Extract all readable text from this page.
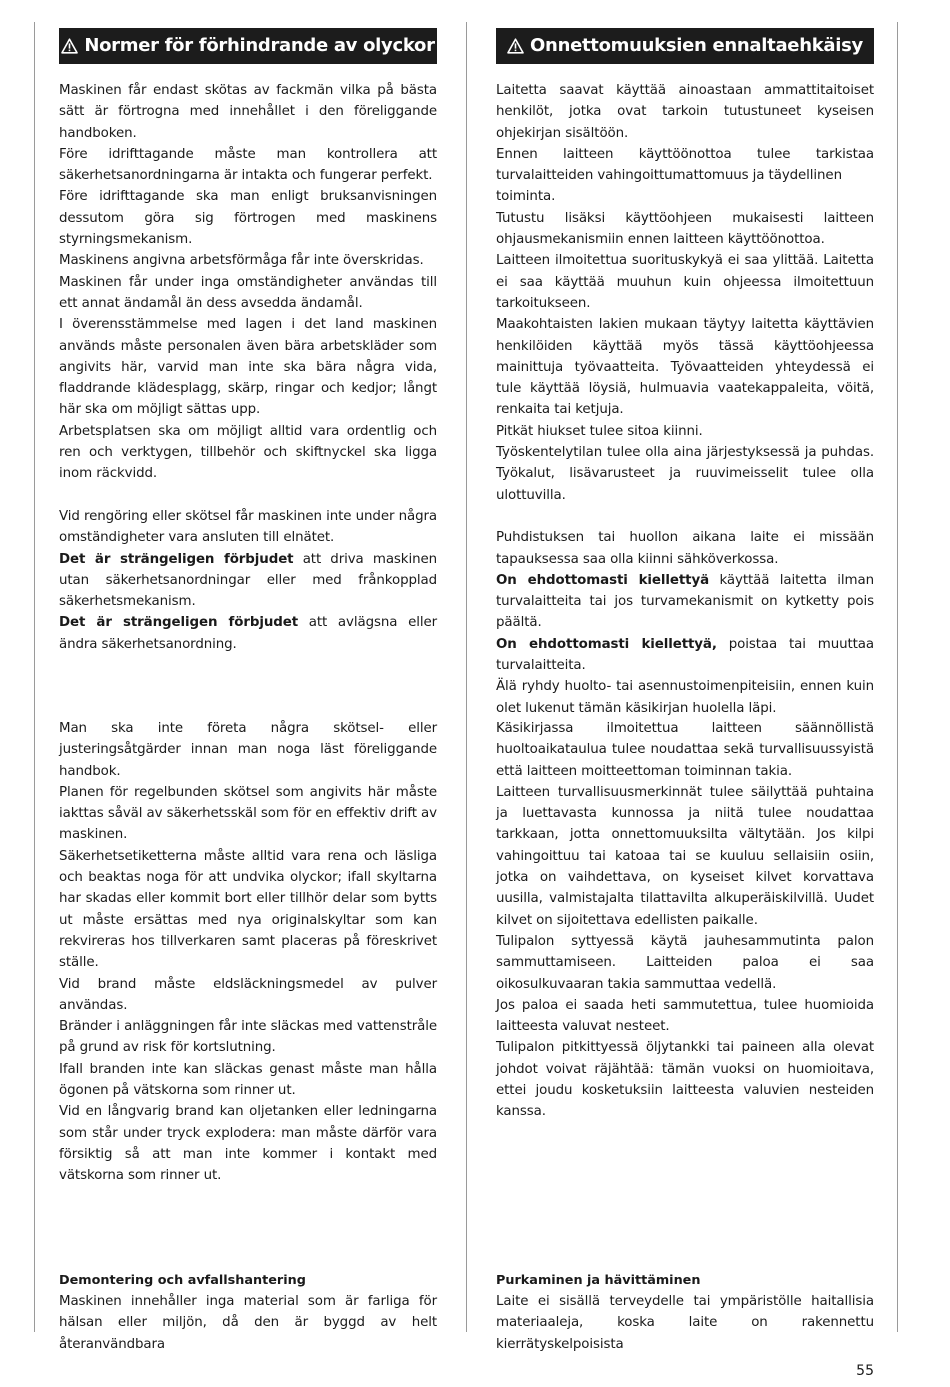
Normer för förhindrande av olyckor	Onnettomuuksien ennaltaehkäisy

Maskinen får endast skötas av fackmän vilka på bästa sätt är förtrogna med innehållet i den föreliggande handboken.

Före idrifttagande måste man kontrollera att säkerhetsanordningarna är intakta och fungerar perfekt.

Före idrifttagande ska man enligt bruksanvisningen dessutom göra sig förtrogen med maskinens styrningsmekanism.

Maskinens angivna arbetsförmåga får inte överskridas.

Maskinen får under inga omständigheter användas till ett annat ändamål än dess avsedda ändamål.

I överensstämmelse med lagen i det land maskinen används måste personalen även bära arbetskläder som angivits här, varvid man inte ska bära några vida, fladdrande klädesplagg, skärp, ringar och kedjor; långt här ska om möjligt sättas upp.

Arbetsplatsen ska om möjligt alltid vara ordentlig och ren och verktygen, tillbehör och skiftnyckel ska ligga inom räckvidd.

Vid rengöring eller skötsel får maskinen inte under några omständigheter vara ansluten till elnätet.

Det är strängeligen förbjudet att driva maskinen utan säkerhetsanordningar eller med frånkopplad säkerhetsmekanism.

Det är strängeligen förbjudet att avlägsna eller ändra säkerhetsanordning.

Man ska inte företa några skötsel- eller justeringsåtgärder innan man noga läst föreliggande handbok.

Planen för regelbunden skötsel som angivits här måste iakttas såväl av säkerhetsskäl som för en effektiv drift av maskinen.

Säkerhetsetiketterna måste alltid vara rena och läsliga och beaktas noga för att undvika olyckor; ifall skyltarna har skadas eller kommit bort eller tillhör delar som bytts ut måste ersättas med nya originalskyltar som kan rekvireras hos tillverkaren samt placeras på föreskrivet ställe.

Vid brand måste eldsläckningsmedel av pulver användas.

Bränder i anläggningen får inte släckas med vattenstråle på grund av risk för kortslutning.

Ifall branden inte kan släckas genast måste man hålla ögonen på vätskorna som rinner ut.

Vid en långvarig brand kan oljetanken eller ledningarna som står under tryck explodera: man måste därför vara försiktig så att man inte kommer i kontakt med vätskorna som rinner ut.

Demontering och avfallshantering

Maskinen innehåller inga material som är farliga för hälsan eller miljön, då den är byggd av helt återanvändbara

Laitetta saavat käyttää ainoastaan ammattitaitoiset henkilöt, jotka ovat tarkoin tutustuneet kyseisen ohjekirjan sisältöön.

Ennen laitteen käyttöönottoa tulee tarkistaa turvalaitteiden vahingoittumattomuus ja täydellinen

toiminta.

Tutustu lisäksi käyttöohjeen mukaisesti laitteen ohjausmekanismiin ennen laitteen käyttöönottoa.

Laitteen ilmoitettua suorituskykyä ei saa ylittää. Laitetta ei saa käyttää muuhun kuin ohjeessa ilmoitettuun tarkoitukseen.

Maakohtaisten lakien mukaan täytyy laitetta käyttävien henkilöiden käyttää myös tässä käyttöohjeessa mainittuja työvaatteita. Työvaatteiden yhteydessä ei tule käyttää löysiä, hulmuavia vaatekappaleita, vöitä, renkaita tai ketjuja.

Pitkät hiukset tulee sitoa kiinni.

Työskentelytilan tulee olla aina järjestyksessä ja puhdas. Työkalut, lisävarusteet ja ruuvimeisselit tulee olla ulottuvilla.

Puhdistuksen tai huollon aikana laite ei missään tapauksessa saa olla kiinni sähköverkossa.

On ehdottomasti kiellettyä käyttää laitetta ilman turvalaitteita tai jos turvamekanismit on kytketty pois päältä.

On ehdottomasti kiellettyä, poistaa tai muuttaa turvalaitteita.

Älä ryhdy huolto- tai asennustoimenpiteisiin, ennen kuin olet lukenut tämän käsikirjan huolella läpi.

Käsikirjassa ilmoitettua laitteen säännöllistä huoltoaikataulua tulee noudattaa sekä turvallisuussyistä että laitteen moitteettoman toiminnan takia.

Laitteen turvallisuusmerkinnät tulee säilyttää puhtaina ja luettavasta kunnossa ja niitä tulee noudattaa tarkkaan, jotta onnettomuuksilta vältytään. Jos kilpi vahingoittuu tai katoaa tai se kuuluu sellaisiin osiin, jotka on vaihdettava, on kyseiset kilvet korvattava uusilla, valmistajalta tilattavilta alkuperäiskilvillä. Uudet kilvet on sijoitettava edellisten paikalle.

Tulipalon syttyessä käytä jauhesammutinta palon sammuttamiseen. Laitteiden paloa ei saa oikosulkuvaaran takia sammuttaa vedellä.

Jos paloa ei saada heti sammutettua, tulee huomioida laitteesta valuvat nesteet.

Tulipalon pitkittyessä öljytankki tai paineen alla olevat johdot voivat räjähtää: tämän vuoksi on huomioitava, ettei joudu kosketuksiin laitteesta valuvien nesteiden kanssa.

Purkaminen ja hävittäminen

Laite ei sisällä terveydelle tai ympäristölle haitallisia materiaaleja, koska laite on rakennettu kierrätyskelpoisista

55
